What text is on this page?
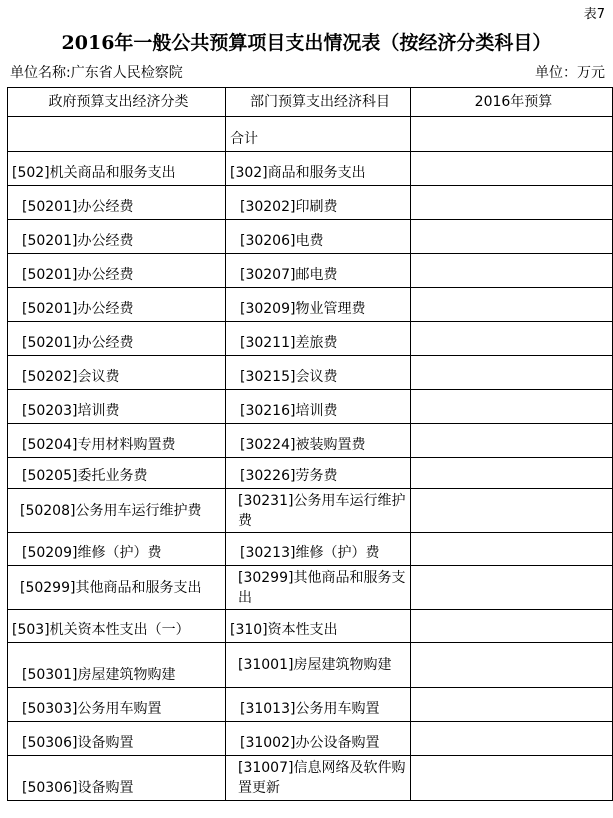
表7
2016年一般公共预算项目支出情况表（按经济分类科目）
单位名称:广东省人民检察院	单位：万元
政府预算支出经济分类	部门预算支出经济科目	2016年预算
	合计	
[502]机关商品和服务支出	[302]商品和服务支出	
[50201]办公经费	[30202]印刷费	
[50201]办公经费	[30206]电费	
[50201]办公经费	[30207]邮电费	
[50201]办公经费	[30209]物业管理费	
[50201]办公经费	[30211]差旅费	
[50202]会议费	[30215]会议费	
[50203]培训费	[30216]培训费	
[50204]专用材料购置费	[30224]被装购置费	
[50205]委托业务费	[30226]劳务费	
[50208]公务用车运行维护费	[30231]公务用车运行维护费	
[50209]维修（护）费	[30213]维修（护）费	
[50299]其他商品和服务支出	[30299]其他商品和服务支出	
[503]机关资本性支出（一）	[310]资本性支出	
[50301]房屋建筑物购建	[31001]房屋建筑物购建	
[50303]公务用车购置	[31013]公务用车购置	
[50306]设备购置	[31002]办公设备购置	
[50306]设备购置	[31007]信息网络及软件购置更新	
